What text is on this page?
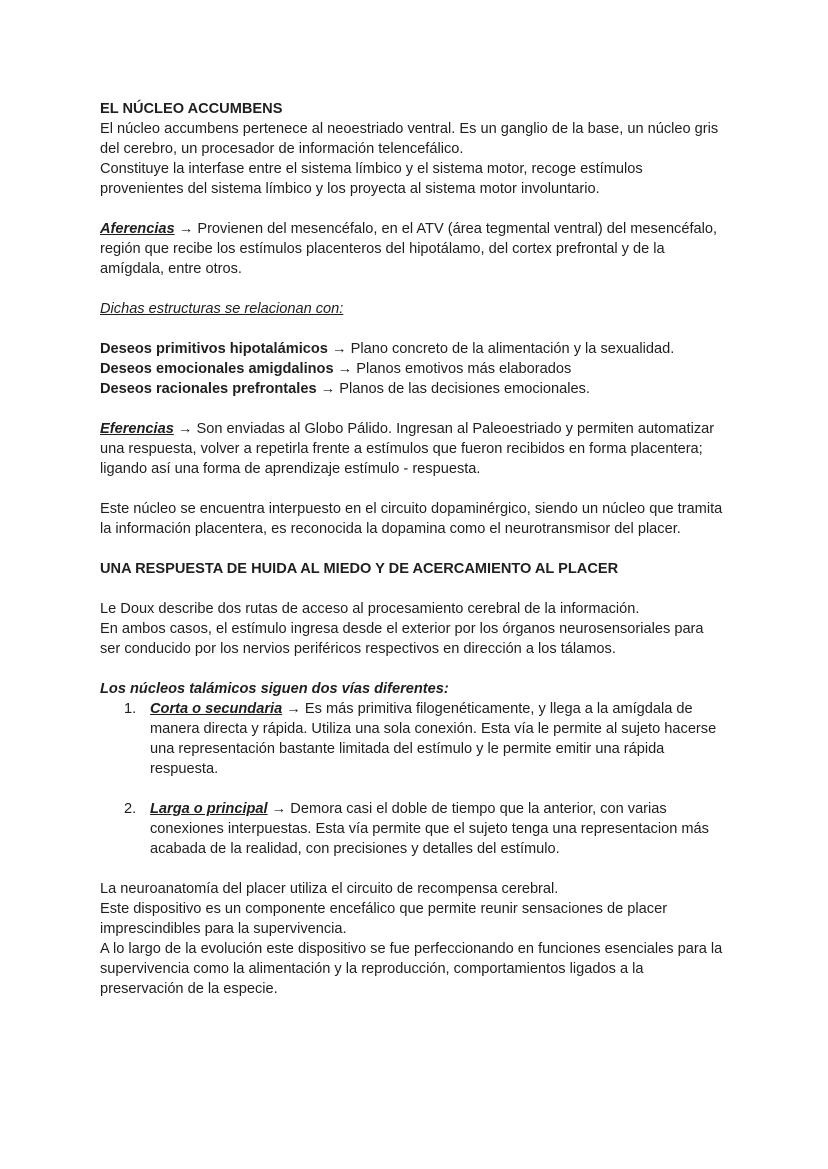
EL NÚCLEO ACCUMBENS
El núcleo accumbens pertenece al neoestriado ventral. Es un ganglio de la base, un núcleo gris del cerebro, un procesador de información telencefálico.
Constituye la interfase entre el sistema límbico y el sistema motor, recoge estímulos provenientes del sistema límbico y los proyecta al sistema motor involuntario.
Aferencias → Provienen del mesencéfalo, en el ATV (área tegmental ventral) del mesencéfalo, región que recibe los estímulos placenteros del hipotálamo, del cortex prefrontal y de la amígdala, entre otros.
Dichas estructuras se relacionan con:
Deseos primitivos hipotalámicos → Plano concreto de la alimentación y la sexualidad.
Deseos emocionales amigdalinos → Planos emotivos más elaborados
Deseos racionales prefrontales → Planos de las decisiones emocionales.
Eferencias → Son enviadas al Globo Pálido. Ingresan al Paleoestriado y permiten automatizar una respuesta, volver a repetirla frente a estímulos que fueron recibidos en forma placentera; ligando así una forma de aprendizaje estímulo - respuesta.
Este núcleo se encuentra interpuesto en el circuito dopaminérgico, siendo un núcleo que tramita la información placentera, es reconocida la dopamina como el neurotransmisor del placer.
UNA RESPUESTA DE HUIDA AL MIEDO Y DE ACERCAMIENTO AL PLACER
Le Doux describe dos rutas de acceso al procesamiento cerebral de la información.
En ambos casos, el estímulo ingresa desde el exterior por los órganos neurosensoriales para ser conducido por los nervios periféricos respectivos en dirección a los tálamos.
Los núcleos talámicos siguen dos vías diferentes:
1. Corta o secundaria → Es más primitiva filogenéticamente, y llega a la amígdala de manera directa y rápida. Utiliza una sola conexión. Esta vía le permite al sujeto hacerse una representación bastante limitada del estímulo y le permite emitir una rápida respuesta.
2. Larga o principal → Demora casi el doble de tiempo que la anterior, con varias conexiones interpuestas. Esta vía permite que el sujeto tenga una representacion más acabada de la realidad, con precisiones y detalles del estímulo.
La neuroanatomía del placer utiliza el circuito de recompensa cerebral.
Este dispositivo es un componente encefálico que permite reunir sensaciones de placer imprescindibles para la supervivencia.
A lo largo de la evolución este dispositivo se fue perfeccionando en funciones esenciales para la supervivencia como la alimentación y la reproducción, comportamientos ligados a la preservación de la especie.
